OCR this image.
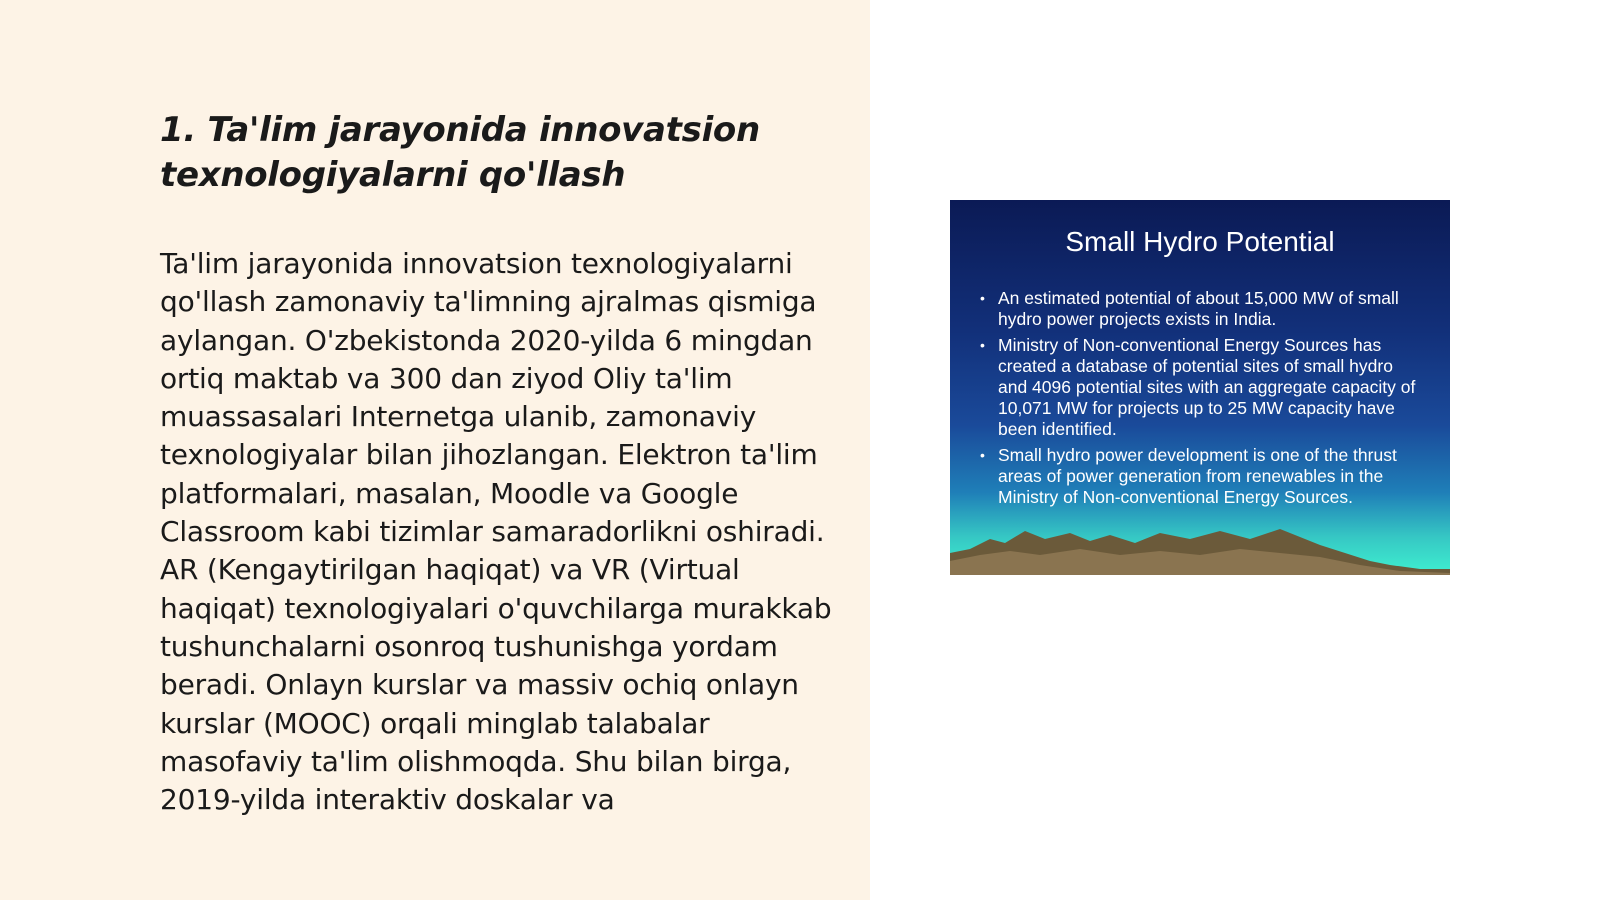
1. Ta'lim jarayonida innovatsion texnologiyalarni qo'llash

Ta'lim jarayonida innovatsion texnologiyalarni qo'llash zamonaviy ta'limning ajralmas qismiga aylangan. O'zbekistonda 2020-yilda 6 mingdan ortiq maktab va 300 dan ziyod Oliy ta'lim muassasalari Internetga ulanib, zamonaviy texnologiyalar bilan jihozlangan. Elektron ta'lim platformalari, masalan, Moodle va Google Classroom kabi tizimlar samaradorlikni oshiradi. AR (Kengaytirilgan haqiqat) va VR (Virtual haqiqat) texnologiyalari o'quvchilarga murakkab tushunchalarni osonroq tushunishga yordam beradi. Onlayn kurslar va massiv ochiq onlayn kurslar (MOOC) orqali minglab talabalar masofaviy ta'lim olishmoqda. Shu bilan birga, 2019-yilda interaktiv doskalar va

Small Hydro Potential
• An estimated potential of about 15,000 MW of small hydro power projects exists in India.
• Ministry of Non-conventional Energy Sources has created a database of potential sites of small hydro and 4096 potential sites with an aggregate capacity of 10,071 MW for projects up to 25 MW capacity have been identified.
• Small hydro power development is one of the thrust areas of power generation from renewables in the Ministry of Non-conventional Energy Sources.
